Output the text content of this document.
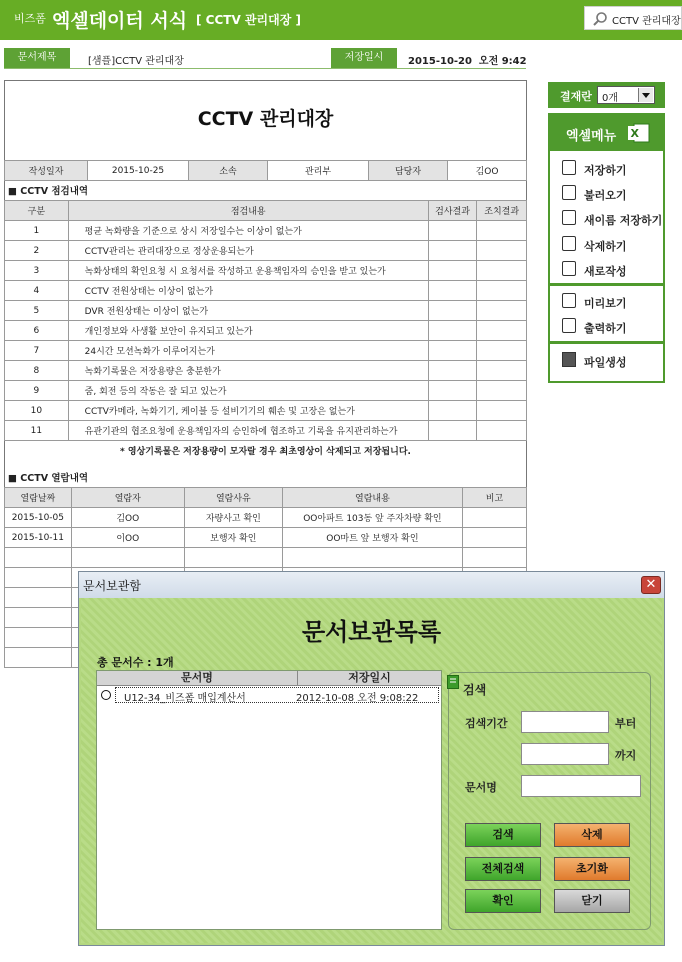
비즈폼 엑셀데이터 서식 [ CCTV 관리대장 ]	CCTV 관리대장
문서제목	[샘플]CCTV 관리대장	저장일시	2015-10-20  오전 9:42
CCTV 관리대장
작성일자	2015-10-25	소속	관리부	담당자	김OO
■ CCTV 점검내역
구분	점검내용	검사결과	조치결과
1	평균 녹화량을 기준으로 상시 저장일수는 이상이 없는가		
2	CCTV관리는 관리대장으로 정상운용되는가		
3	녹화상태의 확인요청 시 요청서를 작성하고 운용책임자의 승인을 받고 있는가		
4	CCTV 전원상태는 이상이 없는가		
5	DVR 전원상태는 이상이 없는가		
6	개인정보와 사생활 보안이 유지되고 있는가		
7	24시간 모션녹화가 이루어지는가		
8	녹화기록물은 저장용량은 충분한가		
9	줌, 회전 등의 작동은 잘 되고 있는가		
10	CCTV카메라, 녹화기기, 케이블 등 설비기기의 훼손 및 고장은 없는가		
11	유관기관의 협조요청에 운용책임자의 승인하에 협조하고 기록을 유지관리하는가		
* 영상기록물은 저장용량이 모자랄 경우 최초영상이 삭제되고 저장됩니다.			
■ CCTV 열람내역
열람날짜	열람자	열람사유	열람내용	비고
2015-10-05	김OO	자량사고 확인	OO아파트 103동 앞 주자차량 확인	
2015-10-11	이OO	보행자 확인	OO마트 앞 보행자 확인	

결재란 0개
엑셀메뉴 X
저장하기
불러오기
새이름 저장하기
삭제하기
새로작성
미리보기
출력하기
파일생성
문서보관함	✕
문서보관목록
총 문서수 : 1개
문서명	저장일시
U12-34_비즈폼 매입계산서	2012-10-08 오전 9:08:22
검색
검색기간	부터
까지
문서명
검색	삭제
전체검색	초기화
확인	닫기
